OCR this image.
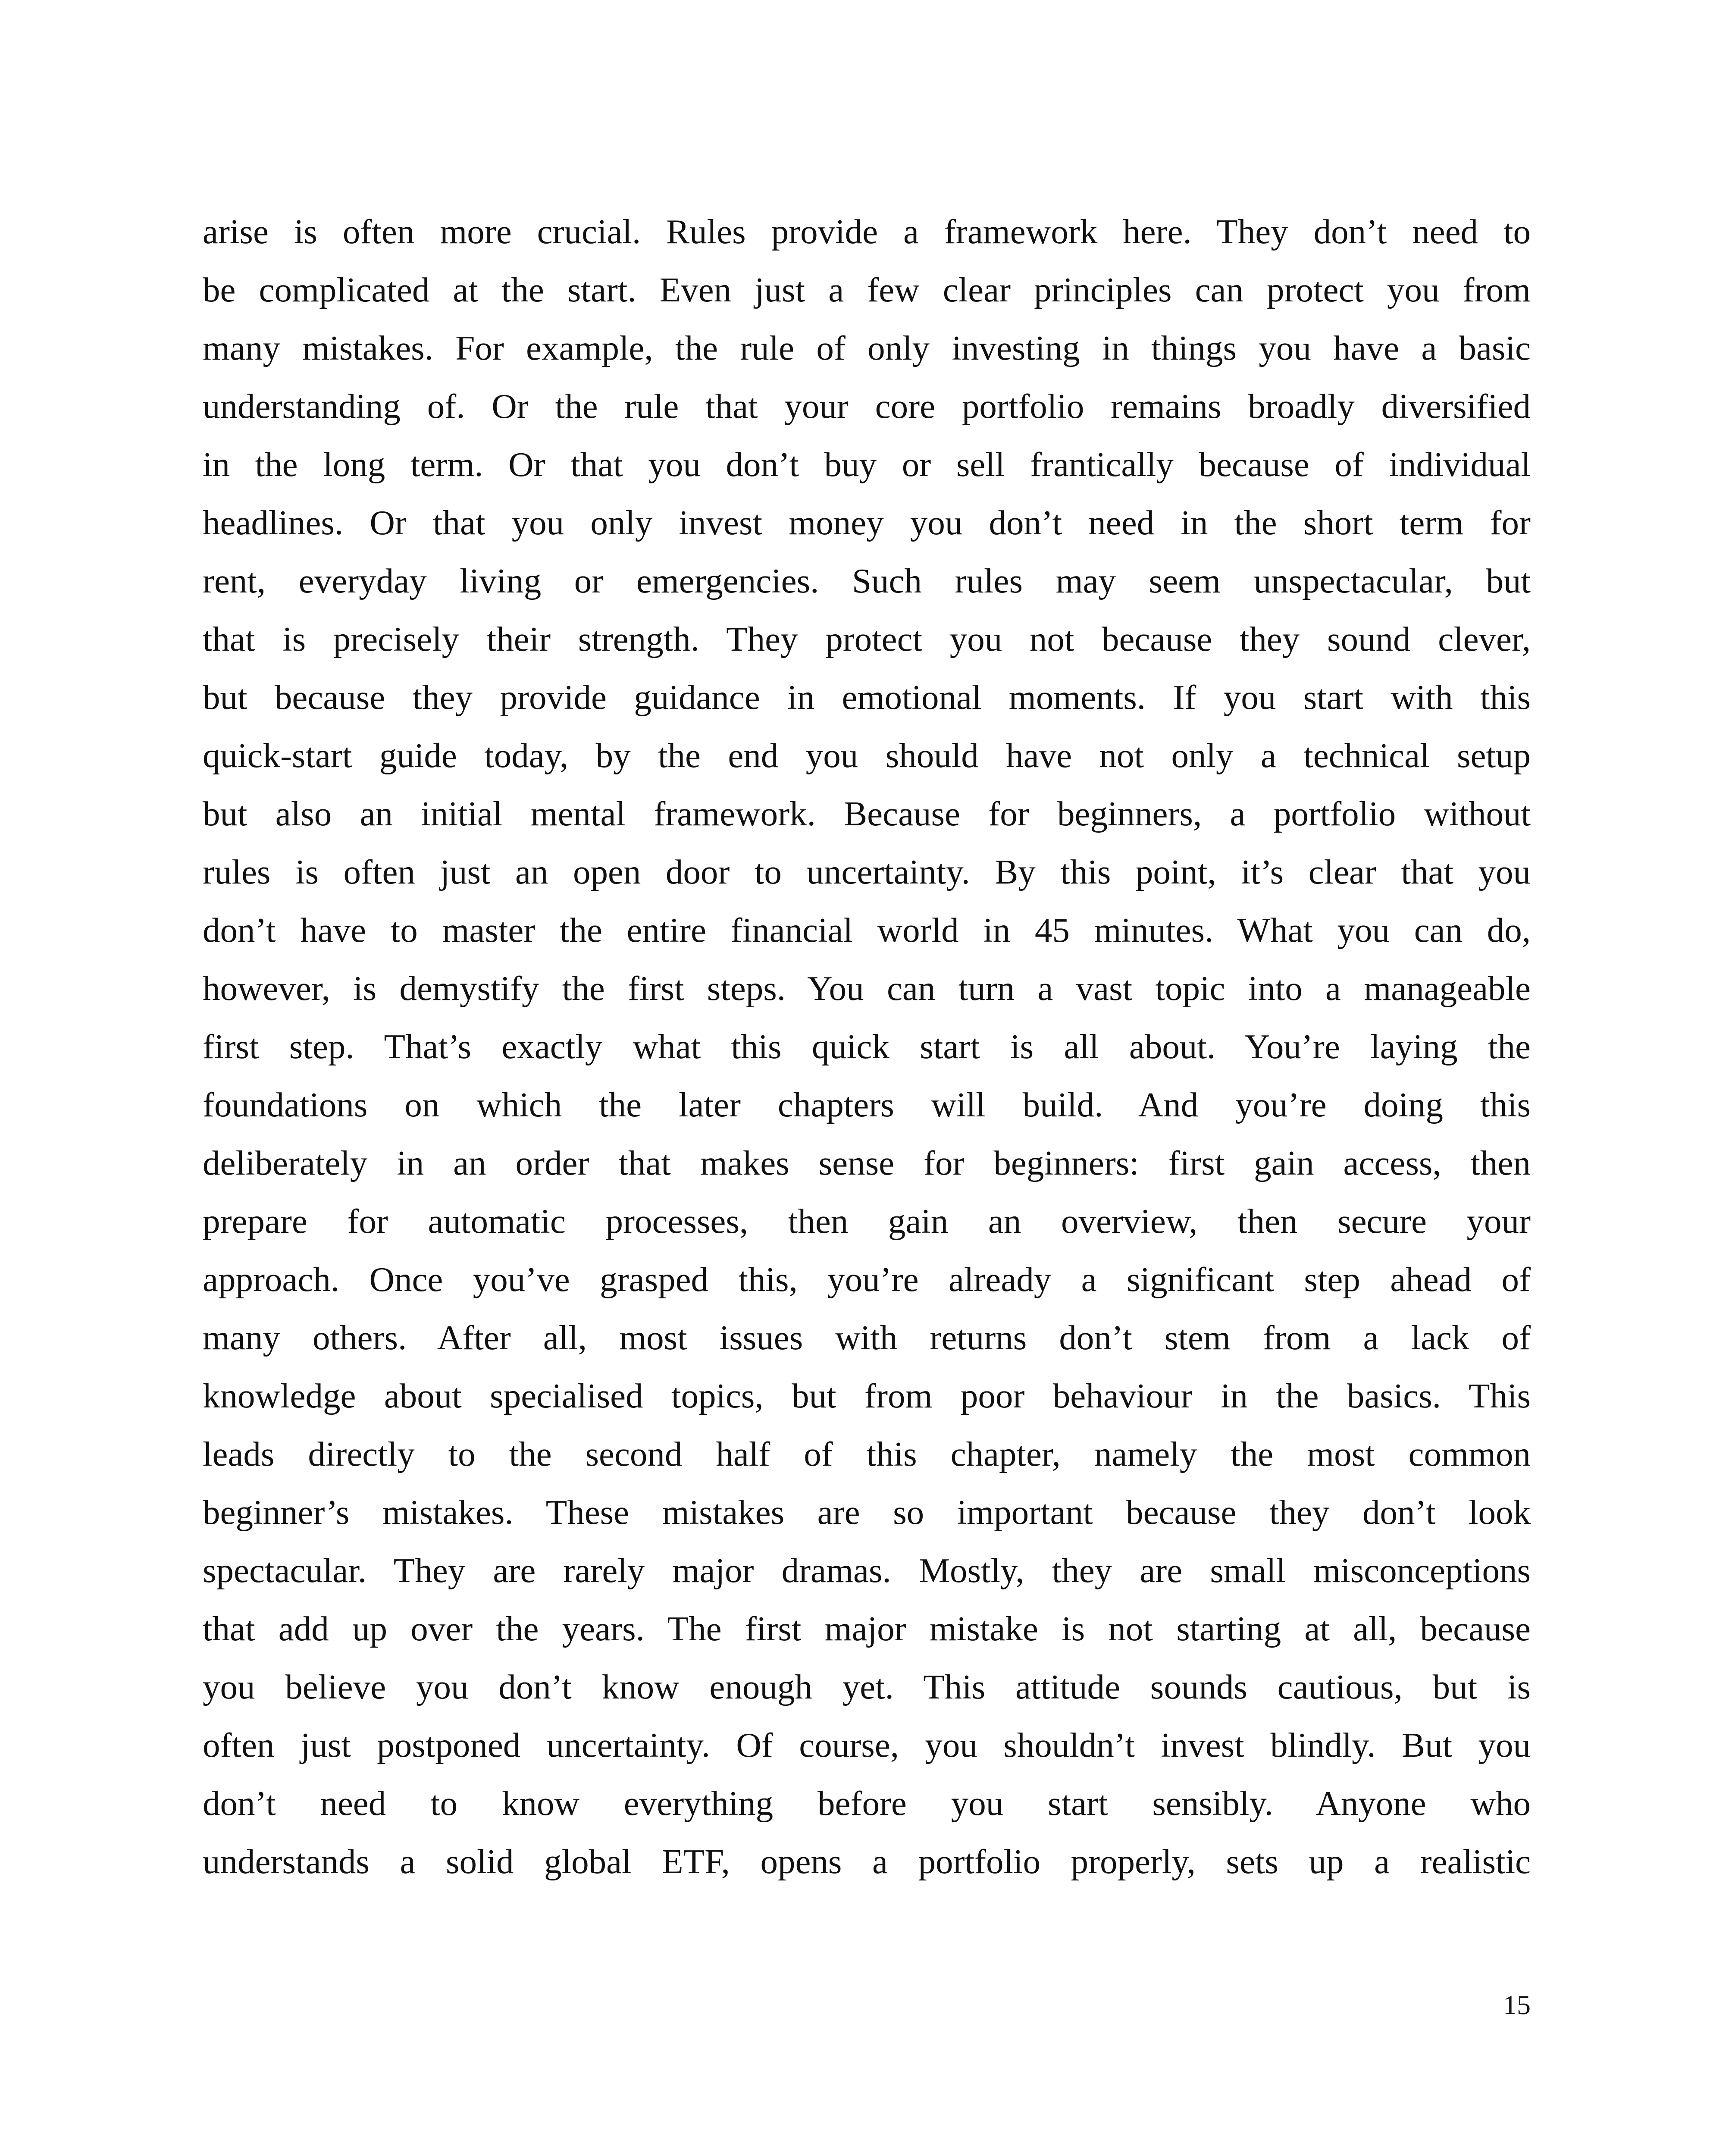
arise is often more crucial. Rules provide a framework here. They don’t need to
be complicated at the start. Even just a few clear principles can protect you from
many mistakes. For example, the rule of only investing in things you have a basic
understanding of. Or the rule that your core portfolio remains broadly diversified
in the long term. Or that you don’t buy or sell frantically because of individual
headlines. Or that you only invest money you don’t need in the short term for
rent, everyday living or emergencies. Such rules may seem unspectacular, but
that is precisely their strength. They protect you not because they sound clever,
but because they provide guidance in emotional moments. If you start with this
quick-start guide today, by the end you should have not only a technical setup
but also an initial mental framework. Because for beginners, a portfolio without
rules is often just an open door to uncertainty. By this point, it’s clear that you
don’t have to master the entire financial world in 45 minutes. What you can do,
however, is demystify the first steps. You can turn a vast topic into a manageable
first step. That’s exactly what this quick start is all about. You’re laying the
foundations on which the later chapters will build. And you’re doing this
deliberately in an order that makes sense for beginners: first gain access, then
prepare for automatic processes, then gain an overview, then secure your
approach. Once you’ve grasped this, you’re already a significant step ahead of
many others. After all, most issues with returns don’t stem from a lack of
knowledge about specialised topics, but from poor behaviour in the basics. This
leads directly to the second half of this chapter, namely the most common
beginner’s mistakes. These mistakes are so important because they don’t look
spectacular. They are rarely major dramas. Mostly, they are small misconceptions
that add up over the years. The first major mistake is not starting at all, because
you believe you don’t know enough yet. This attitude sounds cautious, but is
often just postponed uncertainty. Of course, you shouldn’t invest blindly. But you
don’t need to know everything before you start sensibly. Anyone who
understands a solid global ETF, opens a portfolio properly, sets up a realistic
15
